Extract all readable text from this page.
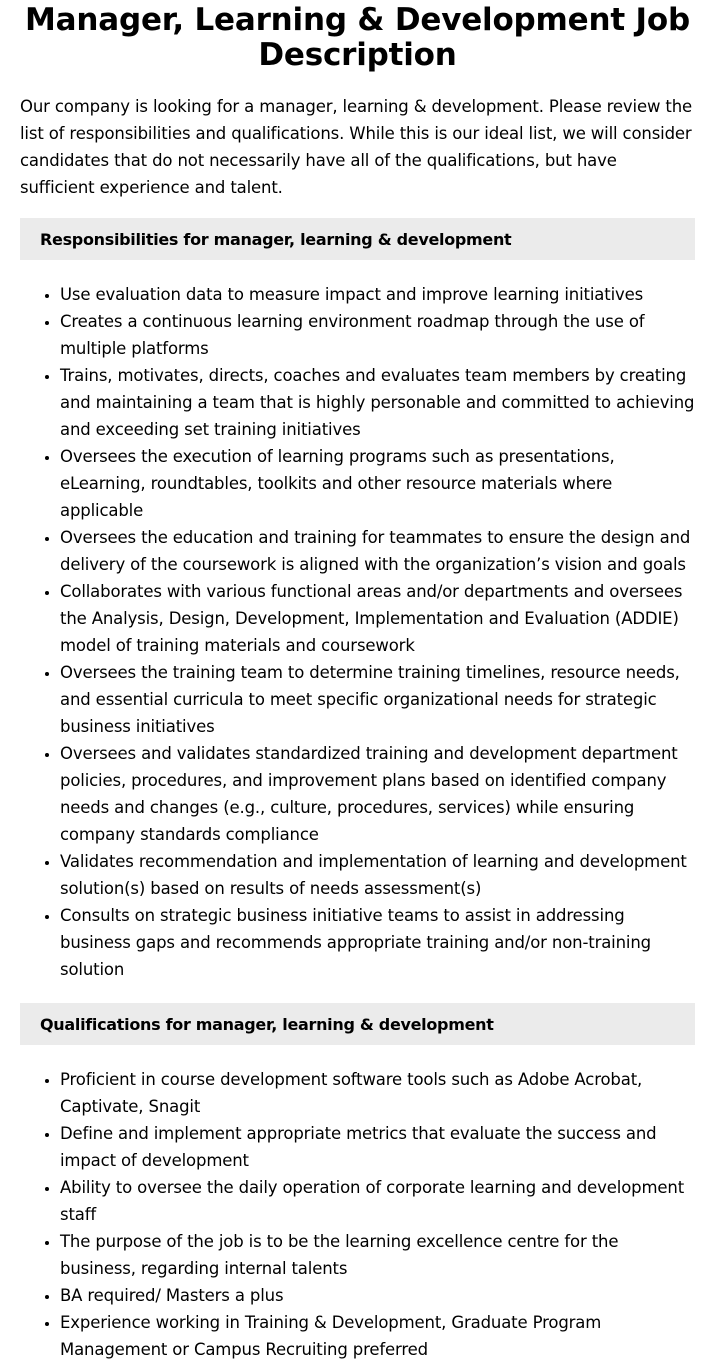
Manager, Learning & Development Job Description

Our company is looking for a manager, learning & development. Please review the list of responsibilities and qualifications. While this is our ideal list, we will consider candidates that do not necessarily have all of the qualifications, but have sufficient experience and talent.

Responsibilities for manager, learning & development
• Use evaluation data to measure impact and improve learning initiatives
• Creates a continuous learning environment roadmap through the use of multiple platforms
• Trains, motivates, directs, coaches and evaluates team members by creating and maintaining a team that is highly personable and committed to achieving and exceeding set training initiatives
• Oversees the execution of learning programs such as presentations, eLearning, roundtables, toolkits and other resource materials where applicable
• Oversees the education and training for teammates to ensure the design and delivery of the coursework is aligned with the organization’s vision and goals
• Collaborates with various functional areas and/or departments and oversees the Analysis, Design, Development, Implementation and Evaluation (ADDIE) model of training materials and coursework
• Oversees the training team to determine training timelines, resource needs, and essential curricula to meet specific organizational needs for strategic business initiatives
• Oversees and validates standardized training and development department policies, procedures, and improvement plans based on identified company needs and changes (e.g., culture, procedures, services) while ensuring company standards compliance
• Validates recommendation and implementation of learning and development solution(s) based on results of needs assessment(s)
• Consults on strategic business initiative teams to assist in addressing business gaps and recommends appropriate training and/or non-training solution
Qualifications for manager, learning & development
• Proficient in course development software tools such as Adobe Acrobat, Captivate, Snagit
• Define and implement appropriate metrics that evaluate the success and impact of development
• Ability to oversee the daily operation of corporate learning and development staff
• The purpose of the job is to be the learning excellence centre for the business, regarding internal talents
• BA required/ Masters a plus
• Experience working in Training & Development, Graduate Program Management or Campus Recruiting preferred
